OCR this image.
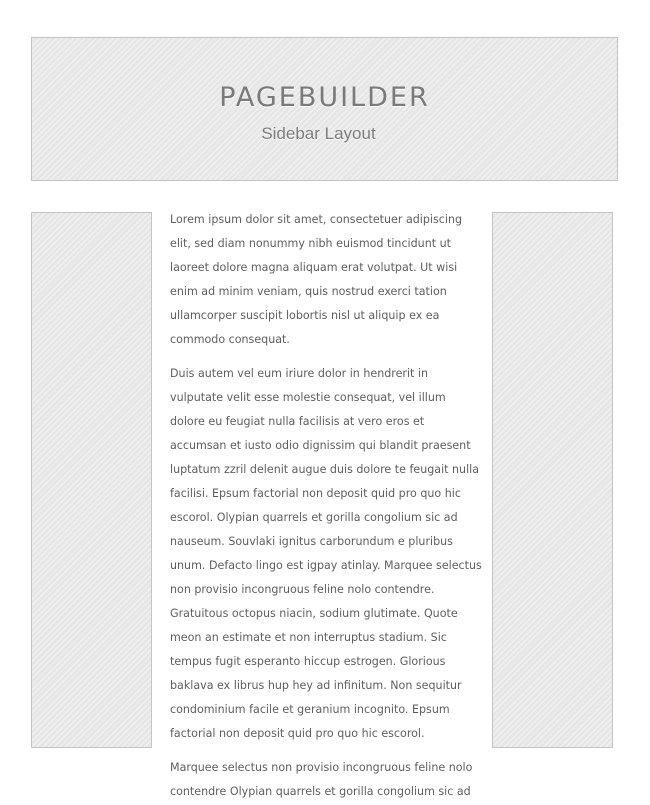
PAGEBUILDER
Sidebar Layout

Lorem ipsum dolor sit amet, consectetuer adipiscing elit, sed diam nonummy nibh euismod tincidunt ut laoreet dolore magna aliquam erat volutpat. Ut wisi enim ad minim veniam, quis nostrud exerci tation ullamcorper suscipit lobortis nisl ut aliquip ex ea commodo consequat.

Duis autem vel eum iriure dolor in hendrerit in vulputate velit esse molestie consequat, vel illum dolore eu feugiat nulla facilisis at vero eros et accumsan et iusto odio dignissim qui blandit praesent luptatum zzril delenit augue duis dolore te feugait nulla facilisi. Epsum factorial non deposit quid pro quo hic escorol. Olypian quarrels et gorilla congolium sic ad nauseum. Souvlaki ignitus carborundum e pluribus unum. Defacto lingo est igpay atinlay. Marquee selectus non provisio incongruous feline nolo contendre. Gratuitous octopus niacin, sodium glutimate. Quote meon an estimate et non interruptus stadium. Sic tempus fugit esperanto hiccup estrogen. Glorious baklava ex librus hup hey ad infinitum. Non sequitur condominium facile et geranium incognito. Epsum factorial non deposit quid pro quo hic escorol.

Marquee selectus non provisio incongruous feline nolo contendre Olypian quarrels et gorilla congolium sic ad
